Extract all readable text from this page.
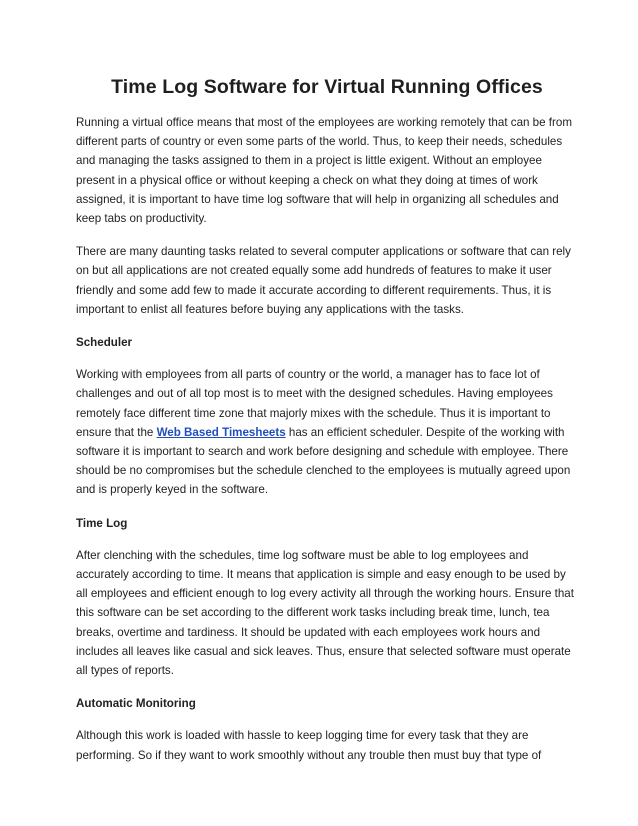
Time Log Software for Virtual Running Offices

Running a virtual office means that most of the employees are working remotely that can be from different parts of country or even some parts of the world. Thus, to keep their needs, schedules and managing the tasks assigned to them in a project is little exigent. Without an employee present in a physical office or without keeping a check on what they doing at times of work assigned, it is important to have time log software that will help in organizing all schedules and keep tabs on productivity.

There are many daunting tasks related to several computer applications or software that can rely on but all applications are not created equally some add hundreds of features to make it user friendly and some add few to made it accurate according to different requirements. Thus, it is important to enlist all features before buying any applications with the tasks.

Scheduler

Working with employees from all parts of country or the world, a manager has to face lot of challenges and out of all top most is to meet with the designed schedules. Having employees remotely face different time zone that majorly mixes with the schedule. Thus it is important to ensure that the Web Based Timesheets has an efficient scheduler. Despite of the working with software it is important to search and work before designing and schedule with employee. There should be no compromises but the schedule clenched to the employees is mutually agreed upon and is properly keyed in the software.

Time Log

After clenching with the schedules, time log software must be able to log employees and accurately according to time. It means that application is simple and easy enough to be used by all employees and efficient enough to log every activity all through the working hours. Ensure that this software can be set according to the different work tasks including break time, lunch, tea breaks, overtime and tardiness. It should be updated with each employees work hours and includes all leaves like casual and sick leaves. Thus, ensure that selected software must operate all types of reports.

Automatic Monitoring

Although this work is loaded with hassle to keep logging time for every task that they are performing. So if they want to work smoothly without any trouble then must buy that type of
